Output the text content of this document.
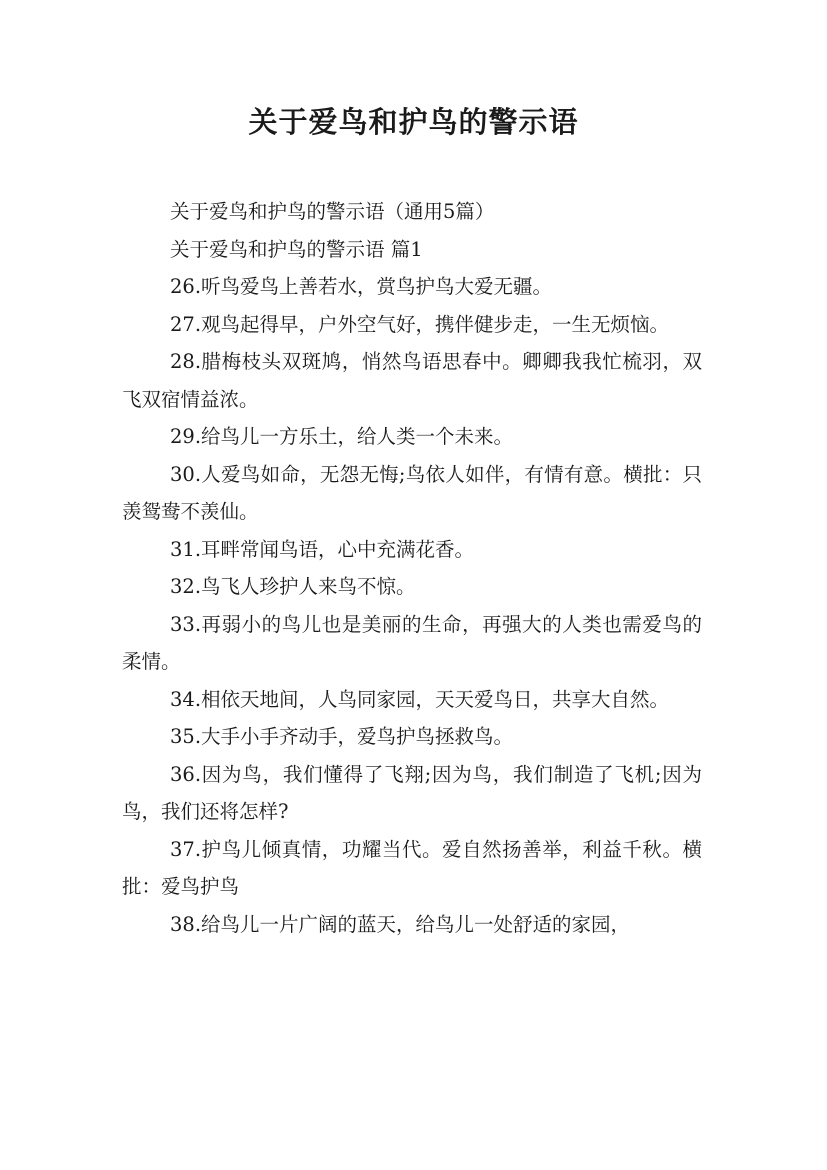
关于爱鸟和护鸟的警示语

关于爱鸟和护鸟的警示语（通用5篇）

关于爱鸟和护鸟的警示语 篇1

26.听鸟爱鸟上善若水，赏鸟护鸟大爱无疆。

27.观鸟起得早，户外空气好，携伴健步走，一生无烦恼。

28.腊梅枝头双斑鸠，悄然鸟语思春中。卿卿我我忙梳羽，双飞双宿情益浓。

29.给鸟儿一方乐土，给人类一个未来。

30.人爱鸟如命，无怨无悔;鸟依人如伴，有情有意。横批：只羡鸳鸯不羡仙。

31.耳畔常闻鸟语，心中充满花香。

32.鸟飞人珍护人来鸟不惊。

33.再弱小的鸟儿也是美丽的生命，再强大的人类也需爱鸟的柔情。

34.相依天地间，人鸟同家园，天天爱鸟日，共享大自然。

35.大手小手齐动手，爱鸟护鸟拯救鸟。

36.因为鸟，我们懂得了飞翔;因为鸟，我们制造了飞机;因为鸟，我们还将怎样?

37.护鸟儿倾真情，功耀当代。爱自然扬善举，利益千秋。横批：爱鸟护鸟

38.给鸟儿一片广阔的蓝天，给鸟儿一处舒适的家园，
